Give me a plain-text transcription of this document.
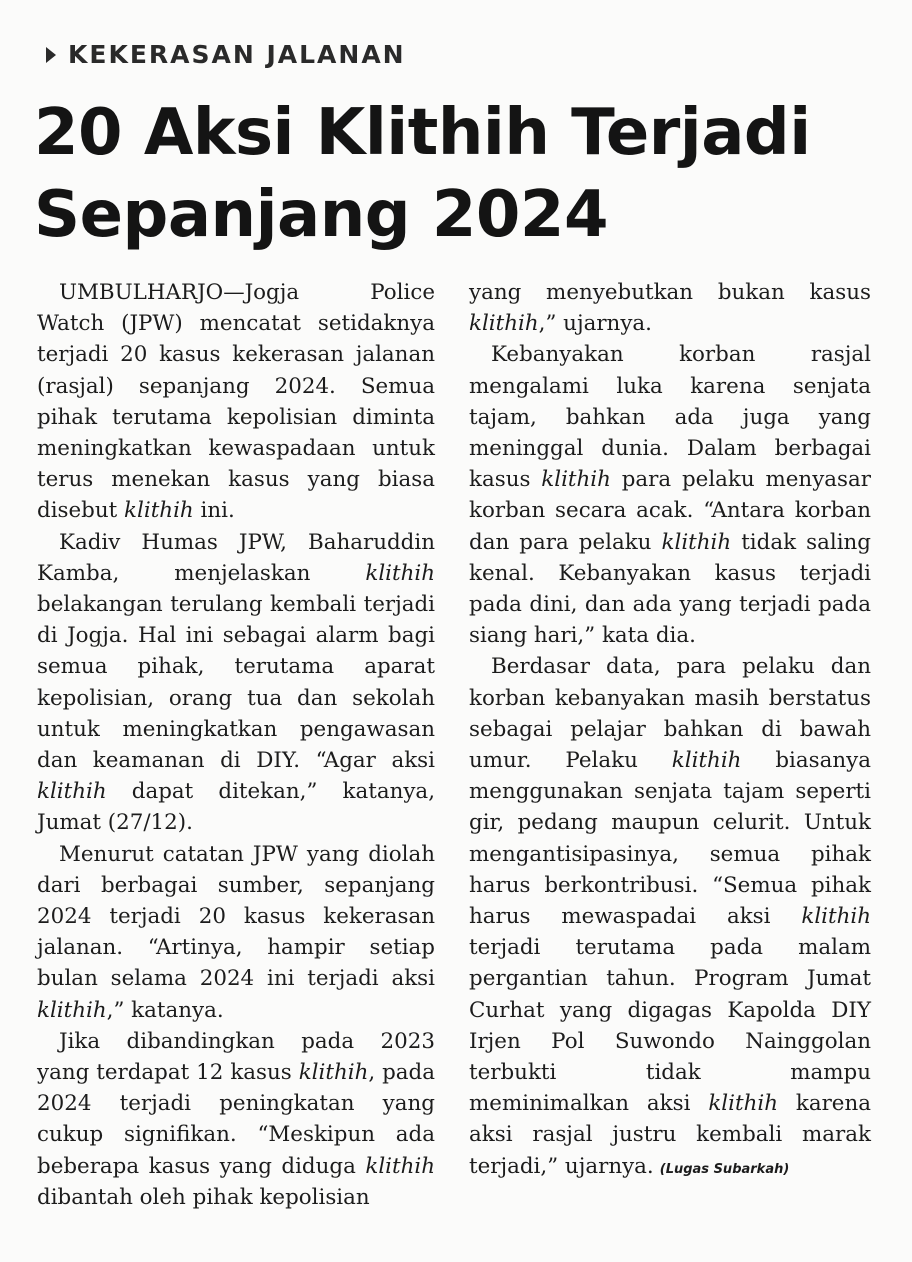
KEKERASAN JALANAN
20 Aksi Klithih Terjadi
Sepanjang 2024

UMBULHARJO—Jogja Police Watch (JPW) mencatat setidaknya terjadi 20 kasus kekerasan jalanan (rasjal) sepanjang 2024. Semua pihak terutama kepolisian diminta meningkatkan kewaspadaan untuk terus menekan kasus yang biasa disebut klithih ini.

Kadiv Humas JPW, Baharuddin Kamba, menjelaskan klithih belakangan terulang kembali terjadi di Jogja. Hal ini sebagai alarm bagi semua pihak, terutama aparat kepolisian, orang tua dan sekolah untuk meningkatkan pengawasan dan keamanan di DIY. “Agar aksi klithih dapat ditekan,” katanya, Jumat (27/12).

Menurut catatan JPW yang diolah dari berbagai sumber, sepanjang 2024 terjadi 20 kasus kekerasan jalanan. “Artinya, hampir setiap bulan selama 2024 ini terjadi aksi klithih,” katanya.

Jika dibandingkan pada 2023 yang terdapat 12 kasus klithih, pada 2024 terjadi peningkatan yang cukup signifikan. “Meskipun ada beberapa kasus yang diduga klithih dibantah oleh pihak kepolisian

yang menyebutkan bukan kasus klithih,” ujarnya.

Kebanyakan korban rasjal mengalami luka karena senjata tajam, bahkan ada juga yang meninggal dunia. Dalam berbagai kasus klithih para pelaku menyasar korban secara acak. “Antara korban dan para pelaku klithih tidak saling kenal. Kebanyakan kasus terjadi pada dini, dan ada yang terjadi pada siang hari,” kata dia.

Berdasar data, para pelaku dan korban kebanyakan masih berstatus sebagai pelajar bahkan di bawah umur. Pelaku klithih biasanya menggunakan senjata tajam seperti gir, pedang maupun celurit. Untuk mengantisipasinya, semua pihak harus berkontribusi. “Semua pihak harus mewaspadai aksi klithih terjadi terutama pada malam pergantian tahun. Program Jumat Curhat yang digagas Kapolda DIY Irjen Pol Suwondo Nainggolan terbukti tidak mampu meminimalkan aksi klithih karena aksi rasjal justru kembali marak terjadi,” ujarnya. (Lugas Subarkah)
